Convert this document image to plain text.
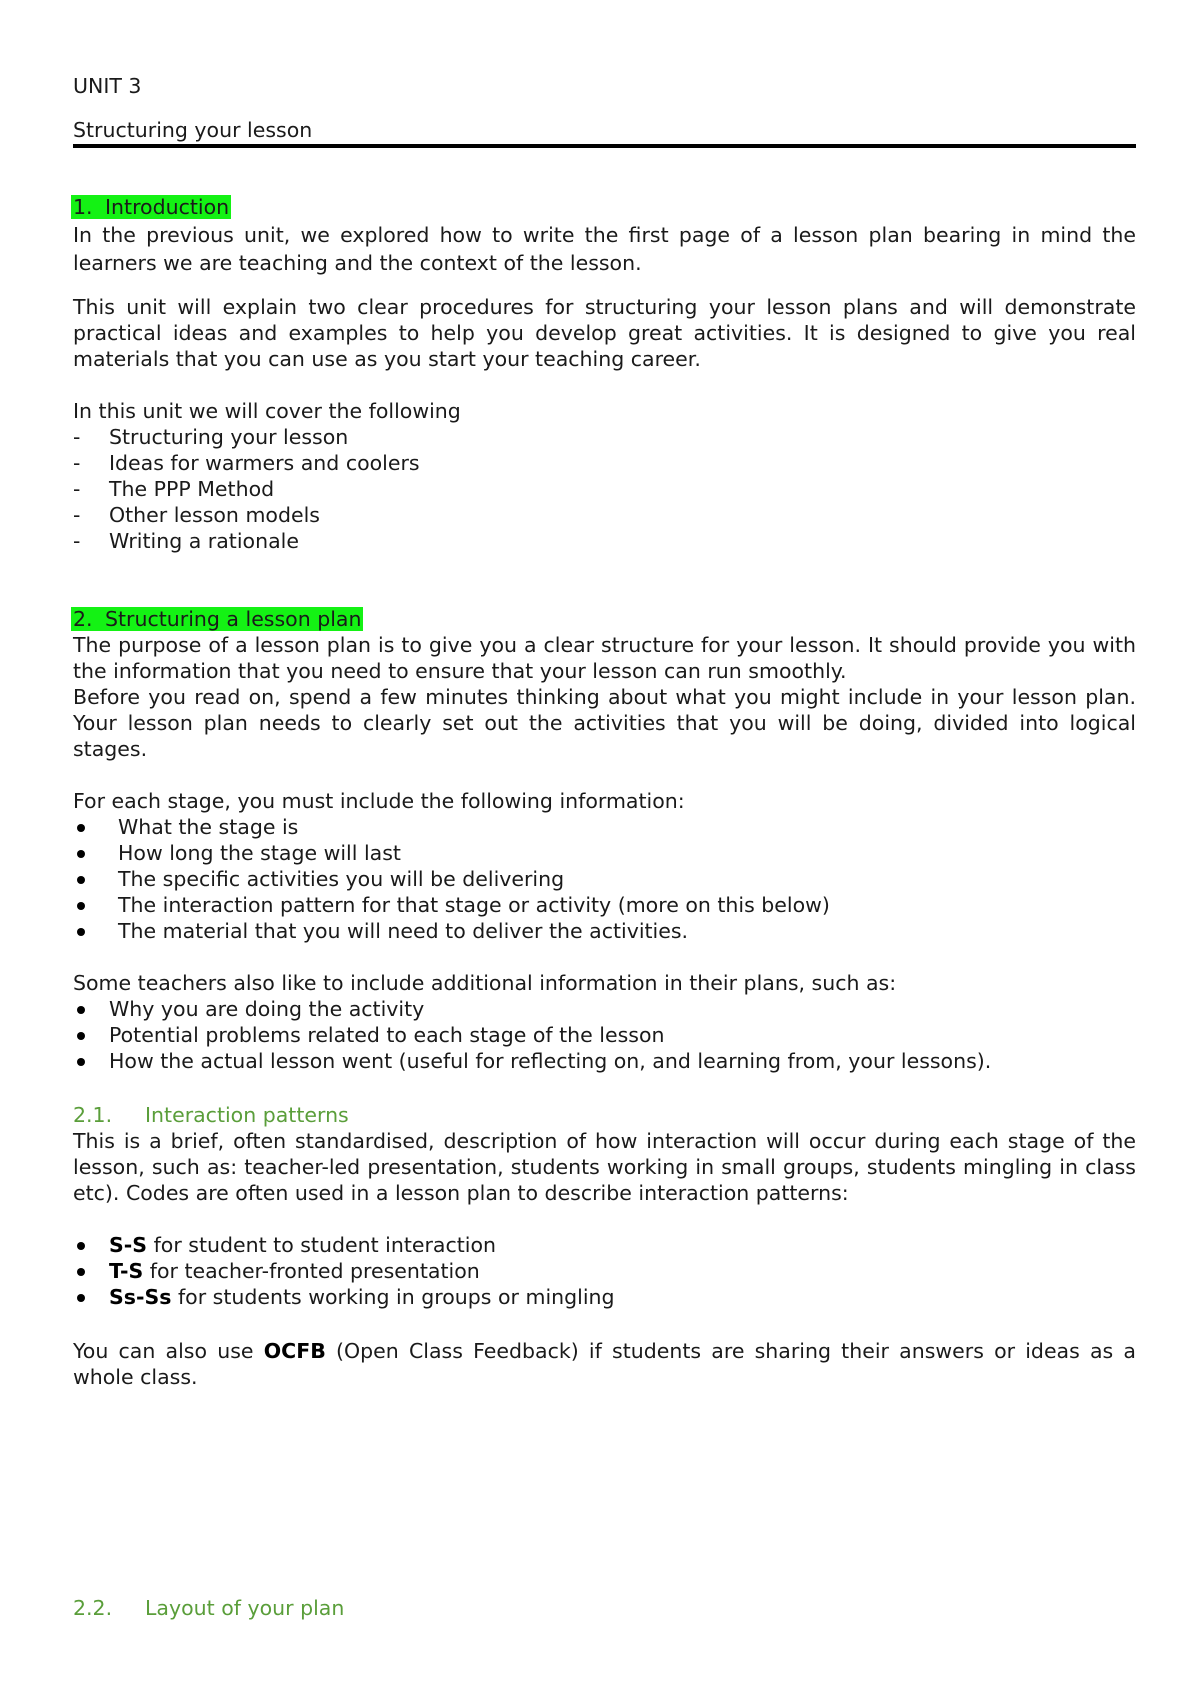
UNIT 3
Structuring your lesson
1. Introduction
In the previous unit, we explored how to write the first page of a lesson plan bearing in mind the learners we are teaching and the context of the lesson.
This unit will explain two clear procedures for structuring your lesson plans and will demonstrate practical ideas and examples to help you develop great activities. It is designed to give you real materials that you can use as you start your teaching career.
In this unit we will cover the following
- Structuring your lesson
- Ideas for warmers and coolers
- The PPP Method
- Other lesson models
- Writing a rationale
2. Structuring a lesson plan
The purpose of a lesson plan is to give you a clear structure for your lesson. It should provide you with the information that you need to ensure that your lesson can run smoothly.
Before you read on, spend a few minutes thinking about what you might include in your lesson plan. Your lesson plan needs to clearly set out the activities that you will be doing, divided into logical stages.
For each stage, you must include the following information:
What the stage is
How long the stage will last
The specific activities you will be delivering
The interaction pattern for that stage or activity (more on this below)
The material that you will need to deliver the activities.
Some teachers also like to include additional information in their plans, such as:
Why you are doing the activity
Potential problems related to each stage of the lesson
How the actual lesson went (useful for reflecting on, and learning from, your lessons).
2.1. Interaction patterns
This is a brief, often standardised, description of how interaction will occur during each stage of the lesson, such as: teacher-led presentation, students working in small groups, students mingling in class etc). Codes are often used in a lesson plan to describe interaction patterns:
S-S for student to student interaction
T-S for teacher-fronted presentation
Ss-Ss for students working in groups or mingling
You can also use OCFB (Open Class Feedback) if students are sharing their answers or ideas as a whole class.
2.2. Layout of your plan
